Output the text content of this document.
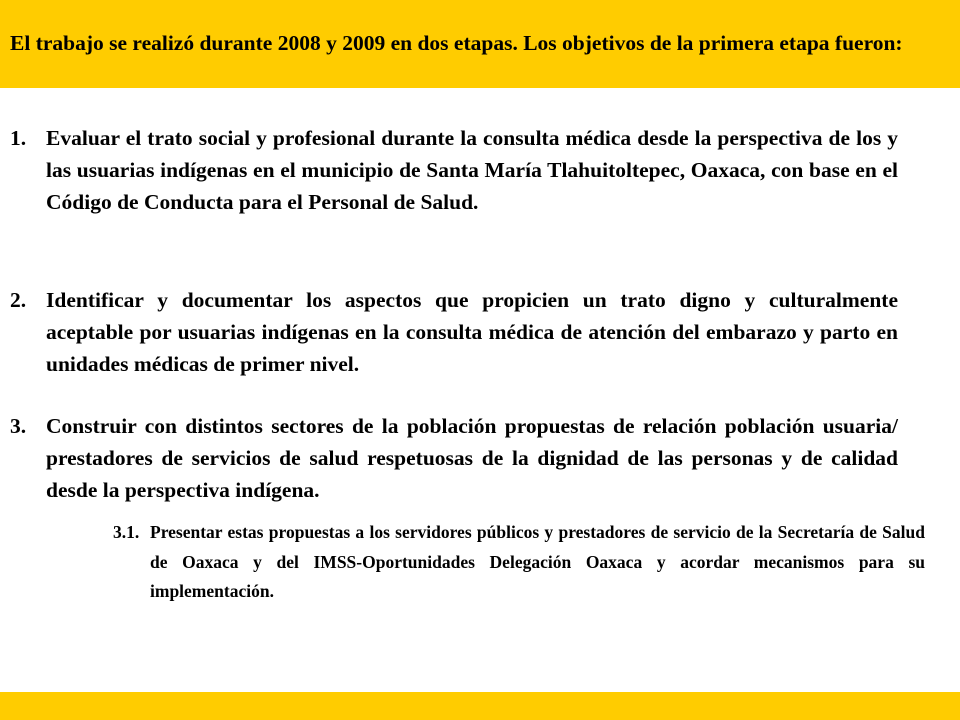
El trabajo se realizó durante 2008 y 2009 en dos etapas. Los objetivos de la primera etapa fueron:

1. Evaluar el trato social y profesional durante la consulta médica desde la perspectiva de los y las usuarias indígenas en el municipio de Santa María Tlahuitoltepec, Oaxaca, con base en el Código de Conducta para el Personal de Salud.
2. Identificar y documentar los aspectos que propicien un trato digno y culturalmente aceptable por usuarias indígenas en la consulta médica de atención del embarazo y parto en unidades médicas de primer nivel.
3. Construir con distintos sectores de la población propuestas de relación población usuaria/ prestadores de servicios de salud respetuosas de la dignidad de las personas y de calidad desde la perspectiva indígena.
3.1. Presentar estas propuestas a los servidores públicos y prestadores de servicio de la Secretaría de Salud de Oaxaca y del IMSS-Oportunidades Delegación Oaxaca y acordar mecanismos para su implementación.
